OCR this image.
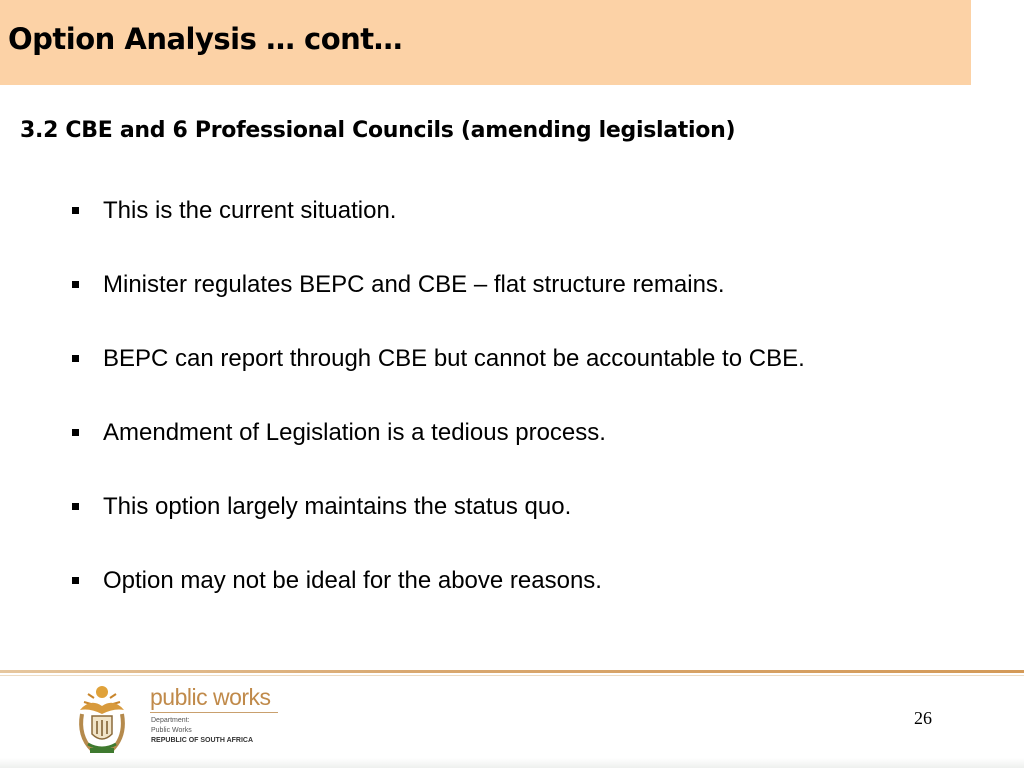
Option Analysis … cont…
3.2 CBE and 6 Professional Councils (amending legislation)
This is the current situation.
Minister regulates BEPC and CBE – flat structure remains.
BEPC can report through CBE but cannot be accountable to CBE.
Amendment of Legislation is a tedious process.
This option largely maintains the status quo.
Option may not be ideal for the above reasons.
public works
Department:
Public Works
REPUBLIC OF SOUTH AFRICA
26
